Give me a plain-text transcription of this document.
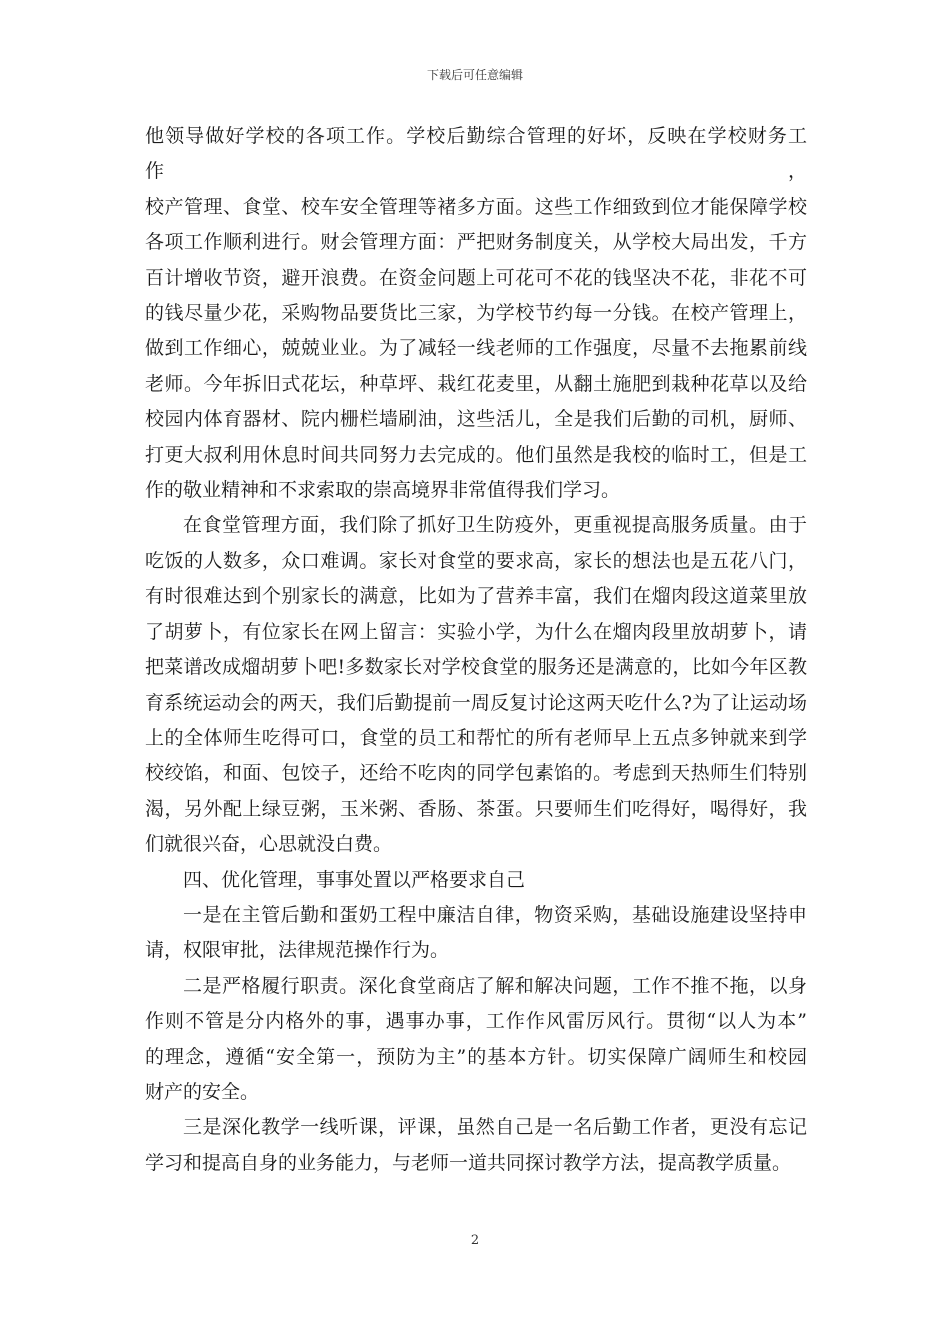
下载后可任意编辑

他领导做好学校的各项工作。学校后勤综合管理的好坏，反映在学校财务工作，
校产管理、食堂、校车安全管理等褚多方面。这些工作细致到位才能保障学校
各项工作顺利进行。财会管理方面：严把财务制度关，从学校大局出发，千方
百计增收节资，避开浪费。在资金问题上可花可不花的钱坚决不花，非花不可
的钱尽量少花，采购物品要货比三家，为学校节约每一分钱。在校产管理上，
做到工作细心，兢兢业业。为了减轻一线老师的工作强度，尽量不去拖累前线
老师。今年拆旧式花坛，种草坪、栽红花麦里，从翻土施肥到栽种花草以及给
校园内体育器材、院内栅栏墙刷油，这些活儿，全是我们后勤的司机，厨师、
打更大叔利用休息时间共同努力去完成的。他们虽然是我校的临时工，但是工
作的敬业精神和不求索取的崇高境界非常值得我们学习。

在食堂管理方面，我们除了抓好卫生防疫外，更重视提高服务质量。由于
吃饭的人数多，众口难调。家长对食堂的要求高，家长的想法也是五花八门，
有时很难达到个别家长的满意，比如为了营养丰富，我们在熘肉段这道菜里放
了胡萝卜，有位家长在网上留言：实验小学，为什么在熘肉段里放胡萝卜，请
把菜谱改成熘胡萝卜吧!多数家长对学校食堂的服务还是满意的，比如今年区教
育系统运动会的两天，我们后勤提前一周反复讨论这两天吃什么?为了让运动场
上的全体师生吃得可口，食堂的员工和帮忙的所有老师早上五点多钟就来到学
校绞馅，和面、包饺子，还给不吃肉的同学包素馅的。考虑到天热师生们特别
渴，另外配上绿豆粥，玉米粥、香肠、茶蛋。只要师生们吃得好，喝得好，我
们就很兴奋，心思就没白费。

四、优化管理，事事处置以严格要求自己

一是在主管后勤和蛋奶工程中廉洁自律，物资采购，基础设施建设坚持申
请，权限审批，法律规范操作行为。

二是严格履行职责。深化食堂商店了解和解决问题，工作不推不拖，以身
作则不管是分内格外的事，遇事办事，工作作风雷厉风行。贯彻“以人为本”
的理念，遵循“安全第一，预防为主”的基本方针。切实保障广阔师生和校园
财产的安全。

三是深化教学一线听课，评课，虽然自己是一名后勤工作者，更没有忘记
学习和提高自身的业务能力，与老师一道共同探讨教学方法，提高教学质量。

2
